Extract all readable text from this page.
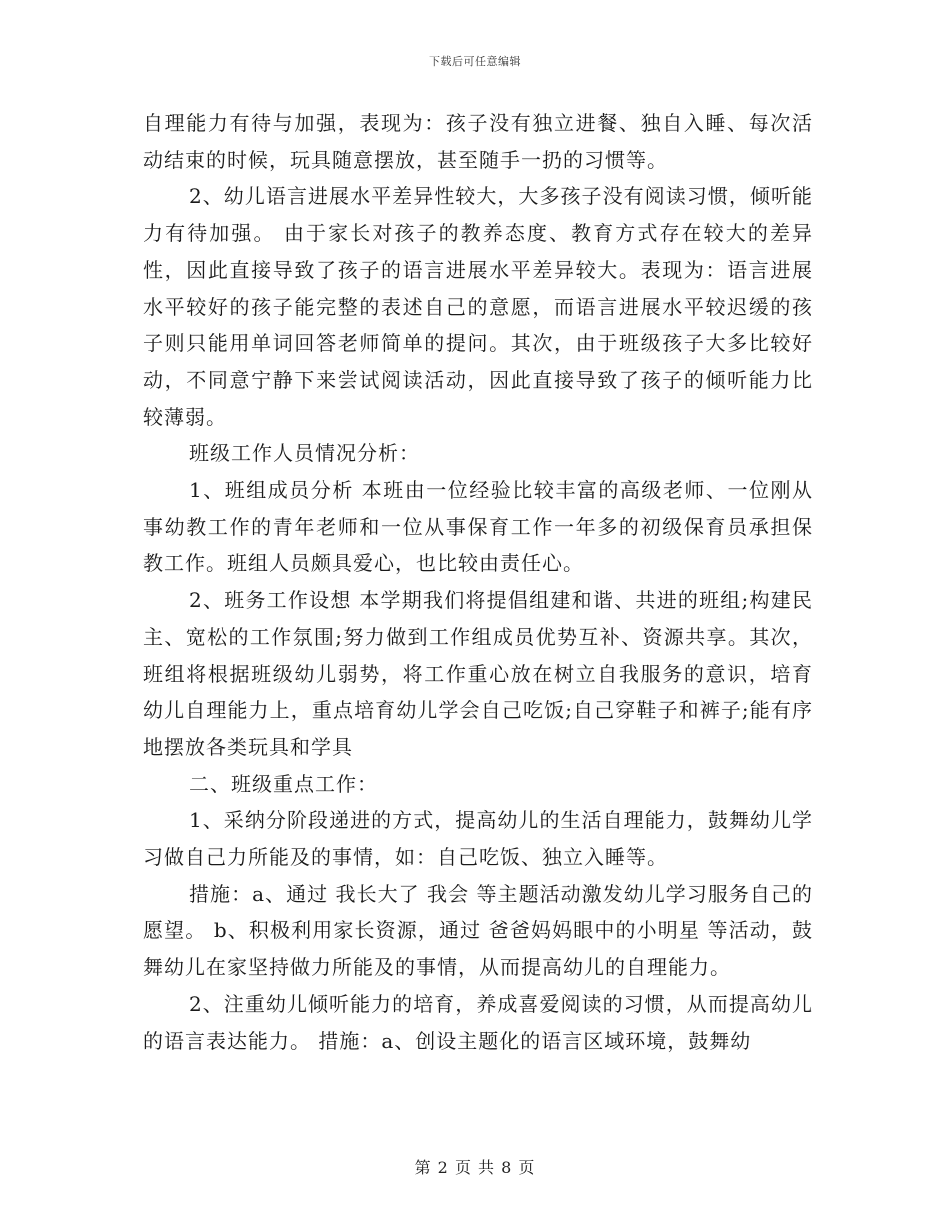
下载后可任意编辑

自理能力有待与加强，表现为：孩子没有独立进餐、独自入睡、每次活动结束的时候，玩具随意摆放，甚至随手一扔的习惯等。

2、幼儿语言进展水平差异性较大，大多孩子没有阅读习惯，倾听能力有待加强。 由于家长对孩子的教养态度、教育方式存在较大的差异性，因此直接导致了孩子的语言进展水平差异较大。表现为：语言进展水平较好的孩子能完整的表述自己的意愿，而语言进展水平较迟缓的孩子则只能用单词回答老师简单的提问。其次，由于班级孩子大多比较好动，不同意宁静下来尝试阅读活动，因此直接导致了孩子的倾听能力比较薄弱。

班级工作人员情况分析：

1、班组成员分析 本班由一位经验比较丰富的高级老师、一位刚从事幼教工作的青年老师和一位从事保育工作一年多的初级保育员承担保教工作。班组人员颇具爱心，也比较由责任心。

2、班务工作设想 本学期我们将提倡组建和谐、共进的班组;构建民主、宽松的工作氛围;努力做到工作组成员优势互补、资源共享。其次，班组将根据班级幼儿弱势，将工作重心放在树立自我服务的意识，培育幼儿自理能力上，重点培育幼儿学会自己吃饭;自己穿鞋子和裤子;能有序地摆放各类玩具和学具

二、班级重点工作：

1、采纳分阶段递进的方式，提高幼儿的生活自理能力，鼓舞幼儿学习做自己力所能及的事情，如：自己吃饭、独立入睡等。

措施：a、通过 我长大了 我会 等主题活动激发幼儿学习服务自己的愿望。 b、积极利用家长资源，通过 爸爸妈妈眼中的小明星 等活动，鼓舞幼儿在家坚持做力所能及的事情，从而提高幼儿的自理能力。

2、注重幼儿倾听能力的培育，养成喜爱阅读的习惯，从而提高幼儿的语言表达能力。 措施：a、创设主题化的语言区域环境，鼓舞幼

第 2 页 共 8 页
